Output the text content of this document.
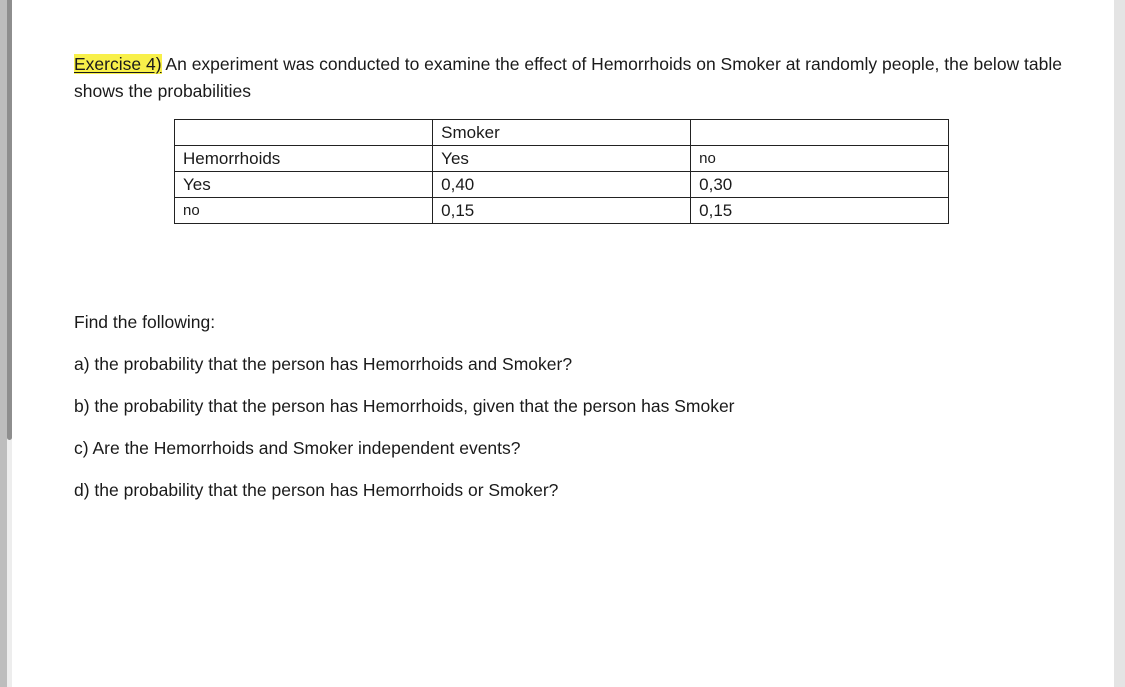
Exercise 4) An experiment was conducted to examine the effect of Hemorrhoids on Smoker at randomly people, the below table shows the probabilities

	Smoker	
Hemorrhoids	Yes	no
Yes	0,40	0,30
no	0,15	0,15

Find the following:

a) the probability that the person has Hemorrhoids and Smoker?

b) the probability that the person has Hemorrhoids, given that the person has Smoker

c) Are the Hemorrhoids and Smoker independent events?

d) the probability that the person has Hemorrhoids or Smoker?
